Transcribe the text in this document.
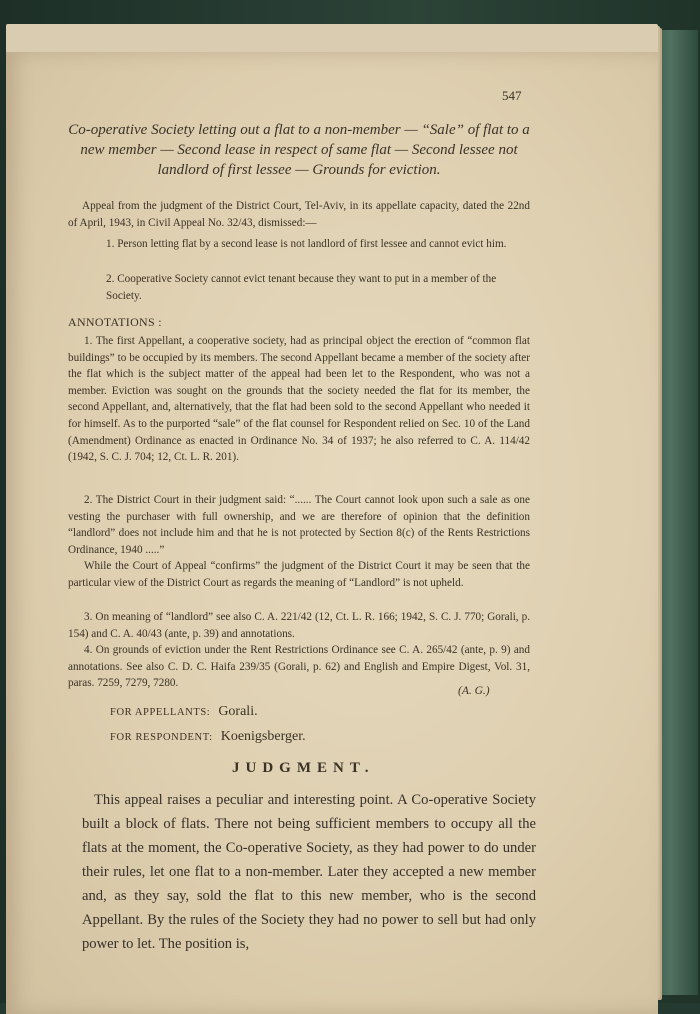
547
Co-operative Society letting out a flat to a non-member — “Sale” of flat to a new member — Second lease in respect of same flat — Second lessee not landlord of first lessee — Grounds for eviction.
Appeal from the judgment of the District Court, Tel-Aviv, in its appellate capacity, dated the 22nd of April, 1943, in Civil Appeal No. 32/43, dismissed:—
1. Person letting flat by a second lease is not landlord of first lessee and cannot evict him.
2. Cooperative Society cannot evict tenant because they want to put in a member of the Society.
ANNOTATIONS :
1. The first Appellant, a cooperative society, had as principal object the erection of “common flat buildings” to be occupied by its members. The second Appellant became a member of the society after the flat which is the subject matter of the appeal had been let to the Respondent, who was not a member. Eviction was sought on the grounds that the society needed the flat for its member, the second Appellant, and, alternatively, that the flat had been sold to the second Appellant who needed it for himself. As to the purported “sale” of the flat counsel for Respondent relied on Sec. 10 of the Land (Amendment) Ordinance as enacted in Ordinance No. 34 of 1937; he also referred to C. A. 114/42 (1942, S. C. J. 704; 12, Ct. L. R. 201).
2. The District Court in their judgment said: “...... The Court cannot look upon such a sale as one vesting the purchaser with full ownership, and we are therefore of opinion that the definition “landlord” does not include him and that he is not protected by Section 8(c) of the Rents Restrictions Ordinance, 1940 .....”
While the Court of Appeal “confirms” the judgment of the District Court it may be seen that the particular view of the District Court as regards the meaning of “Landlord” is not upheld.
3. On meaning of “landlord” see also C. A. 221/42 (12, Ct. L. R. 166; 1942, S. C. J. 770; Gorali, p. 154) and C. A. 40/43 (ante, p. 39) and annotations.
4. On grounds of eviction under the Rent Restrictions Ordinance see C. A. 265/42 (ante, p. 9) and annotations. See also C. D. C. Haifa 239/35 (Gorali, p. 62) and English and Empire Digest, Vol. 31, paras. 7259, 7279, 7280.
(A. G.)
FOR APPELLANTS: Gorali.
FOR RESPONDENT: Koenigsberger.
JUDGMENT.
This appeal raises a peculiar and interesting point. A Co-operative Society built a block of flats. There not being sufficient members to occupy all the flats at the moment, the Co-operative Society, as they had power to do under their rules, let one flat to a non-member. Later they accepted a new member and, as they say, sold the flat to this new member, who is the second Appellant. By the rules of the Society they had no power to sell but had only power to let. The position is,
